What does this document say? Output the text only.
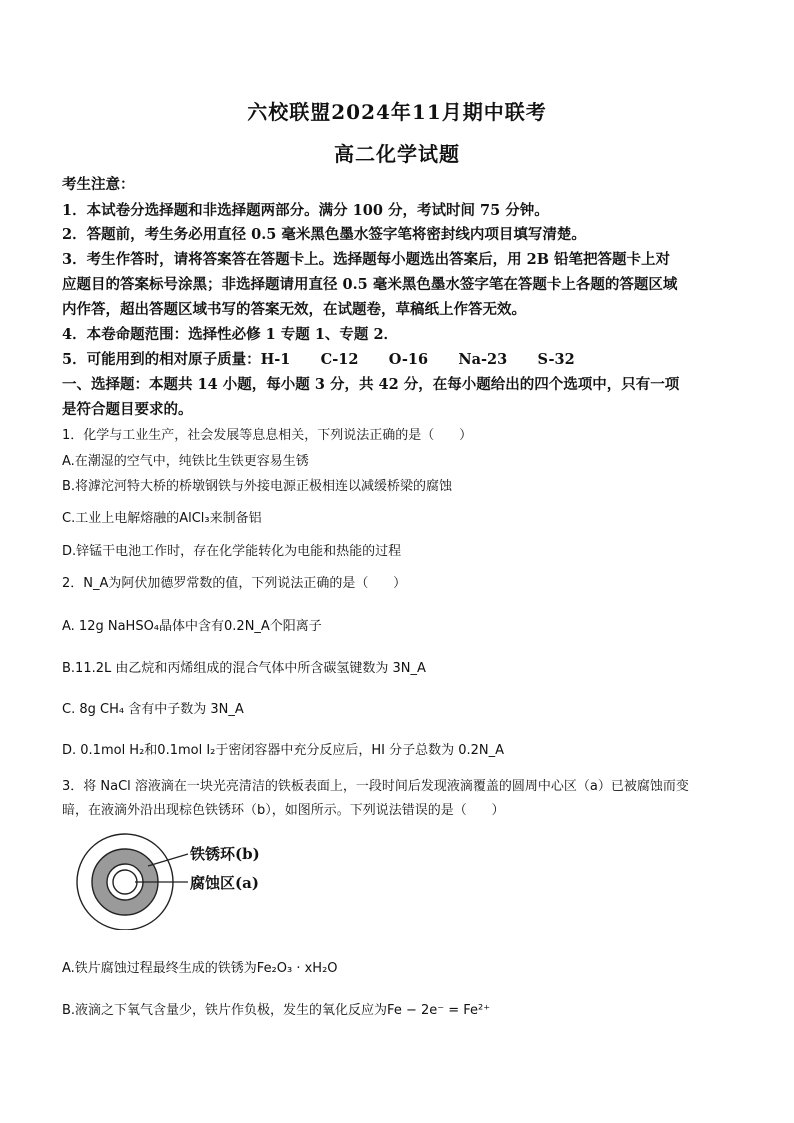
六校联盟2024年11月期中联考
高二化学试题
考生注意：
1．本试卷分选择题和非选择题两部分。满分 100 分，考试时间 75 分钟。
2．答题前，考生务必用直径 0.5 毫米黑色墨水签字笔将密封线内项目填写清楚。
3．考生作答时，请将答案答在答题卡上。选择题每小题选出答案后，用 2B 铅笔把答题卡上对
应题目的答案标号涂黑；非选择题请用直径 0.5 毫米黑色墨水签字笔在答题卡上各题的答题区域
内作答，超出答题区域书写的答案无效，在试题卷，草稿纸上作答无效。
4．本卷命题范围：选择性必修 1 专题 1、专题 2．
5．可能用到的相对原子质量：H-1      C-12      O-16      Na-23      S-32
一、选择题：本题共 14 小题，每小题 3 分，共 42 分，在每小题给出的四个选项中，只有一项
是符合题目要求的。
1．化学与工业生产，社会发展等息息相关，下列说法正确的是（      ）
A.在潮湿的空气中，纯铁比生铁更容易生锈
B.将滹沱河特大桥的桥墩钢铁与外接电源正极相连以减缓桥梁的腐蚀
C.工业上电解熔融的AlCl₃来制备铝
D.锌锰干电池工作时，存在化学能转化为电能和热能的过程
2．N_A为阿伏加德罗常数的值，下列说法正确的是（      ）
A. 12g NaHSO₄晶体中含有0.2N_A个阳离子
B.11.2L 由乙烷和丙烯组成的混合气体中所含碳氢键数为 3N_A
C. 8g CH₄ 含有中子数为 3N_A
D. 0.1mol H₂和0.1mol I₂于密闭容器中充分反应后，HI 分子总数为 0.2N_A
3．将 NaCl 溶液滴在一块光亮清洁的铁板表面上，一段时间后发现液滴覆盖的圆周中心区（a）已被腐蚀而变
暗，在液滴外沿出现棕色铁锈环（b），如图所示。下列说法错误的是（      ）
铁锈环(b)
腐蚀区(a)
A.铁片腐蚀过程最终生成的铁锈为Fe₂O₃ · xH₂O
B.液滴之下氧气含量少，铁片作负极，发生的氧化反应为Fe − 2e⁻ = Fe²⁺
